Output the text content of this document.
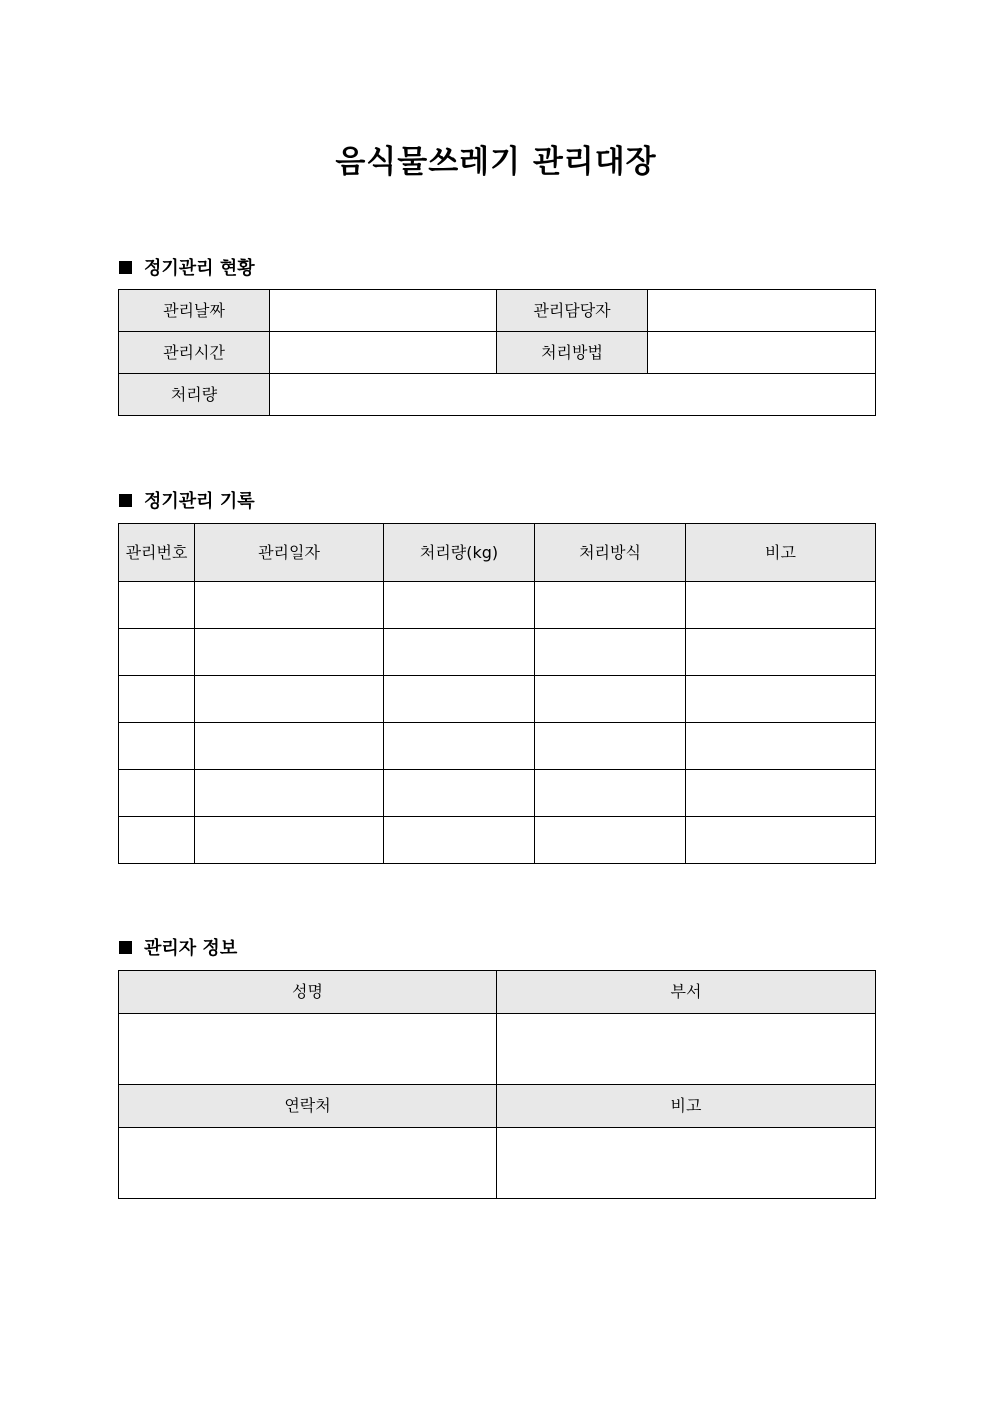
음식물쓰레기 관리대장
정기관리 현황
관리날짜		관리담당자	
관리시간		처리방법	
처리량			
정기관리 기록
관리번호	관리일자	처리량(kg)	처리방식	비고

관리자 정보
성명	부서

연락처	비고
